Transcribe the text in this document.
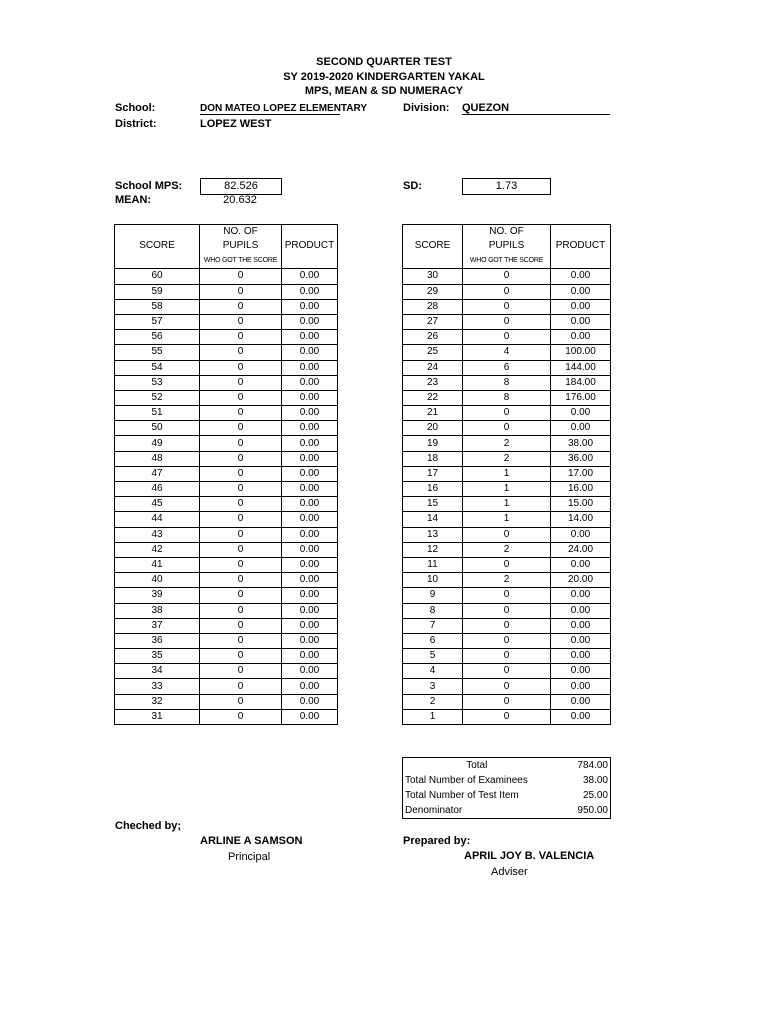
SECOND QUARTER TEST
SY 2019-2020 KINDERGARTEN YAKAL
MPS, MEAN & SD NUMERACY
School:	DON MATEO LOPEZ ELEMENTARY	Division: QUEZON
District:	LOPEZ WEST
School MPS:	82.526
MEAN:	20.632
SD:	1.73
	NO. OF	
SCORE	PUPILS	PRODUCT
	WHO GOT THE SCORE	
60	0	0.00
59	0	0.00
58	0	0.00
57	0	0.00
56	0	0.00
55	0	0.00
54	0	0.00
53	0	0.00
52	0	0.00
51	0	0.00
50	0	0.00
49	0	0.00
48	0	0.00
47	0	0.00
46	0	0.00
45	0	0.00
44	0	0.00
43	0	0.00
42	0	0.00
41	0	0.00
40	0	0.00
39	0	0.00
38	0	0.00
37	0	0.00
36	0	0.00
35	0	0.00
34	0	0.00
33	0	0.00
32	0	0.00
31	0	0.00
	NO. OF	
SCORE	PUPILS	PRODUCT
	WHO GOT THE SCORE	
30	0	0.00
29	0	0.00
28	0	0.00
27	0	0.00
26	0	0.00
25	4	100.00
24	6	144.00
23	8	184.00
22	8	176.00
21	0	0.00
20	0	0.00
19	2	38.00
18	2	36.00
17	1	17.00
16	1	16.00
15	1	15.00
14	1	14.00
13	0	0.00
12	2	24.00
11	0	0.00
10	2	20.00
9	0	0.00
8	0	0.00
7	0	0.00
6	0	0.00
5	0	0.00
4	0	0.00
3	0	0.00
2	0	0.00
1	0	0.00
Total	784.00
Total Number of Examinees	38.00
Total Number of Test Item	25.00
Denominator	950.00
Cheched by;
ARLINE A SAMSON
Principal
Prepared by:
APRIL JOY B. VALENCIA
Adviser
